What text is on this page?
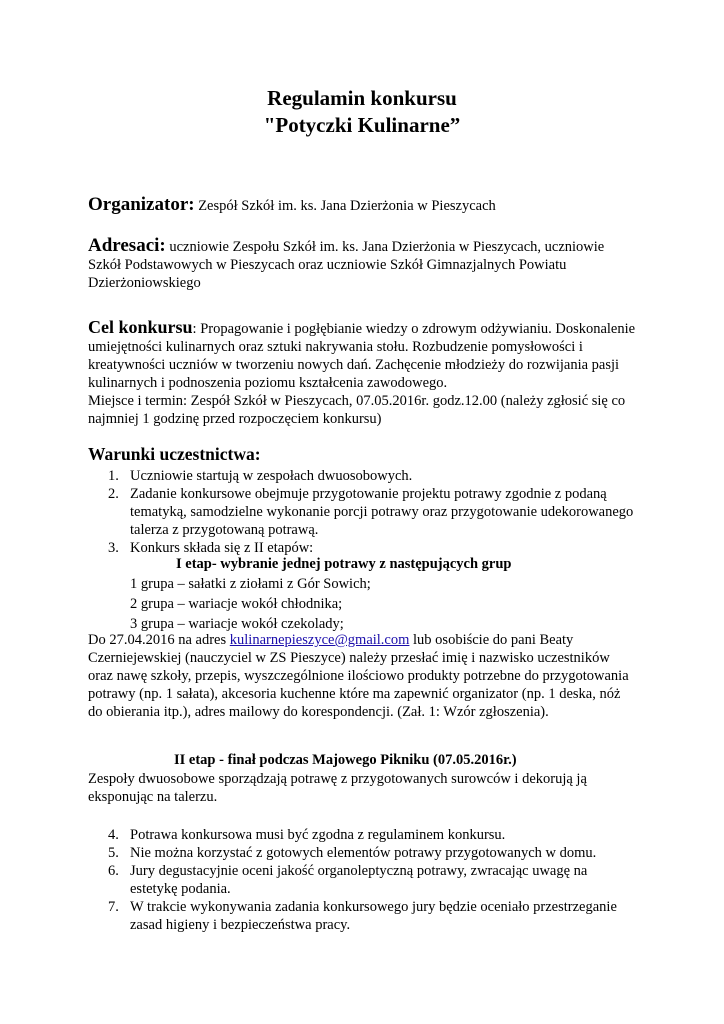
Regulamin konkursu
"Potyczki Kulinarne”
Organizator: Zespół Szkół im. ks. Jana Dzierżonia w Pieszycach
Adresaci: uczniowie Zespołu Szkół im. ks. Jana Dzierżonia w Pieszycach, uczniowie
Szkół Podstawowych w Pieszycach oraz uczniowie Szkół Gimnazjalnych Powiatu
Dzierżoniowskiego
Cel konkursu: Propagowanie i pogłębianie wiedzy o zdrowym odżywianiu. Doskonalenie
umiejętności kulinarnych oraz sztuki nakrywania stołu. Rozbudzenie pomysłowości i
kreatywności uczniów w tworzeniu nowych dań. Zachęcenie młodzieży do rozwijania pasji
kulinarnych i podnoszenia poziomu kształcenia zawodowego.
Miejsce i termin: Zespół Szkół w Pieszycach, 07.05.2016r. godz.12.00 (należy zgłosić się co
najmniej 1 godzinę przed rozpoczęciem konkursu)
Warunki uczestnictwa:
1. Uczniowie startują w zespołach dwuosobowych.
2. Zadanie konkursowe obejmuje przygotowanie projektu potrawy zgodnie z podaną
tematyką, samodzielne wykonanie porcji potrawy oraz przygotowanie udekorowanego
talerza z przygotowaną potrawą.
3. Konkurs składa się z II etapów:
I etap- wybranie jednej potrawy z następujących grup
1 grupa – sałatki z ziołami z Gór Sowich;
2 grupa – wariacje wokół chłodnika;
3 grupa – wariacje wokół czekolady;
Do 27.04.2016 na adres kulinarnepieszyce@gmail.com lub osobiście do pani Beaty
Czerniejewskiej (nauczyciel w ZS Pieszyce) należy przesłać imię i nazwisko uczestników
oraz nawę szkoły, przepis, wyszczególnione ilościowo produkty potrzebne do przygotowania
potrawy (np. 1 sałata), akcesoria kuchenne które ma zapewnić organizator (np. 1 deska, nóż
do obierania itp.), adres mailowy do korespondencji. (Zał. 1: Wzór zgłoszenia).
II etap - finał podczas Majowego Pikniku (07.05.2016r.)
Zespoły dwuosobowe sporządzają potrawę z przygotowanych surowców i dekorują ją
eksponując na talerzu.
4. Potrawa konkursowa musi być zgodna z regulaminem konkursu.
5. Nie można korzystać z gotowych elementów potrawy przygotowanych w domu.
6. Jury degustacyjnie oceni jakość organoleptyczną potrawy, zwracając uwagę na
estetykę podania.
7. W trakcie wykonywania zadania konkursowego jury będzie oceniało przestrzeganie
zasad higieny i bezpieczeństwa pracy.
